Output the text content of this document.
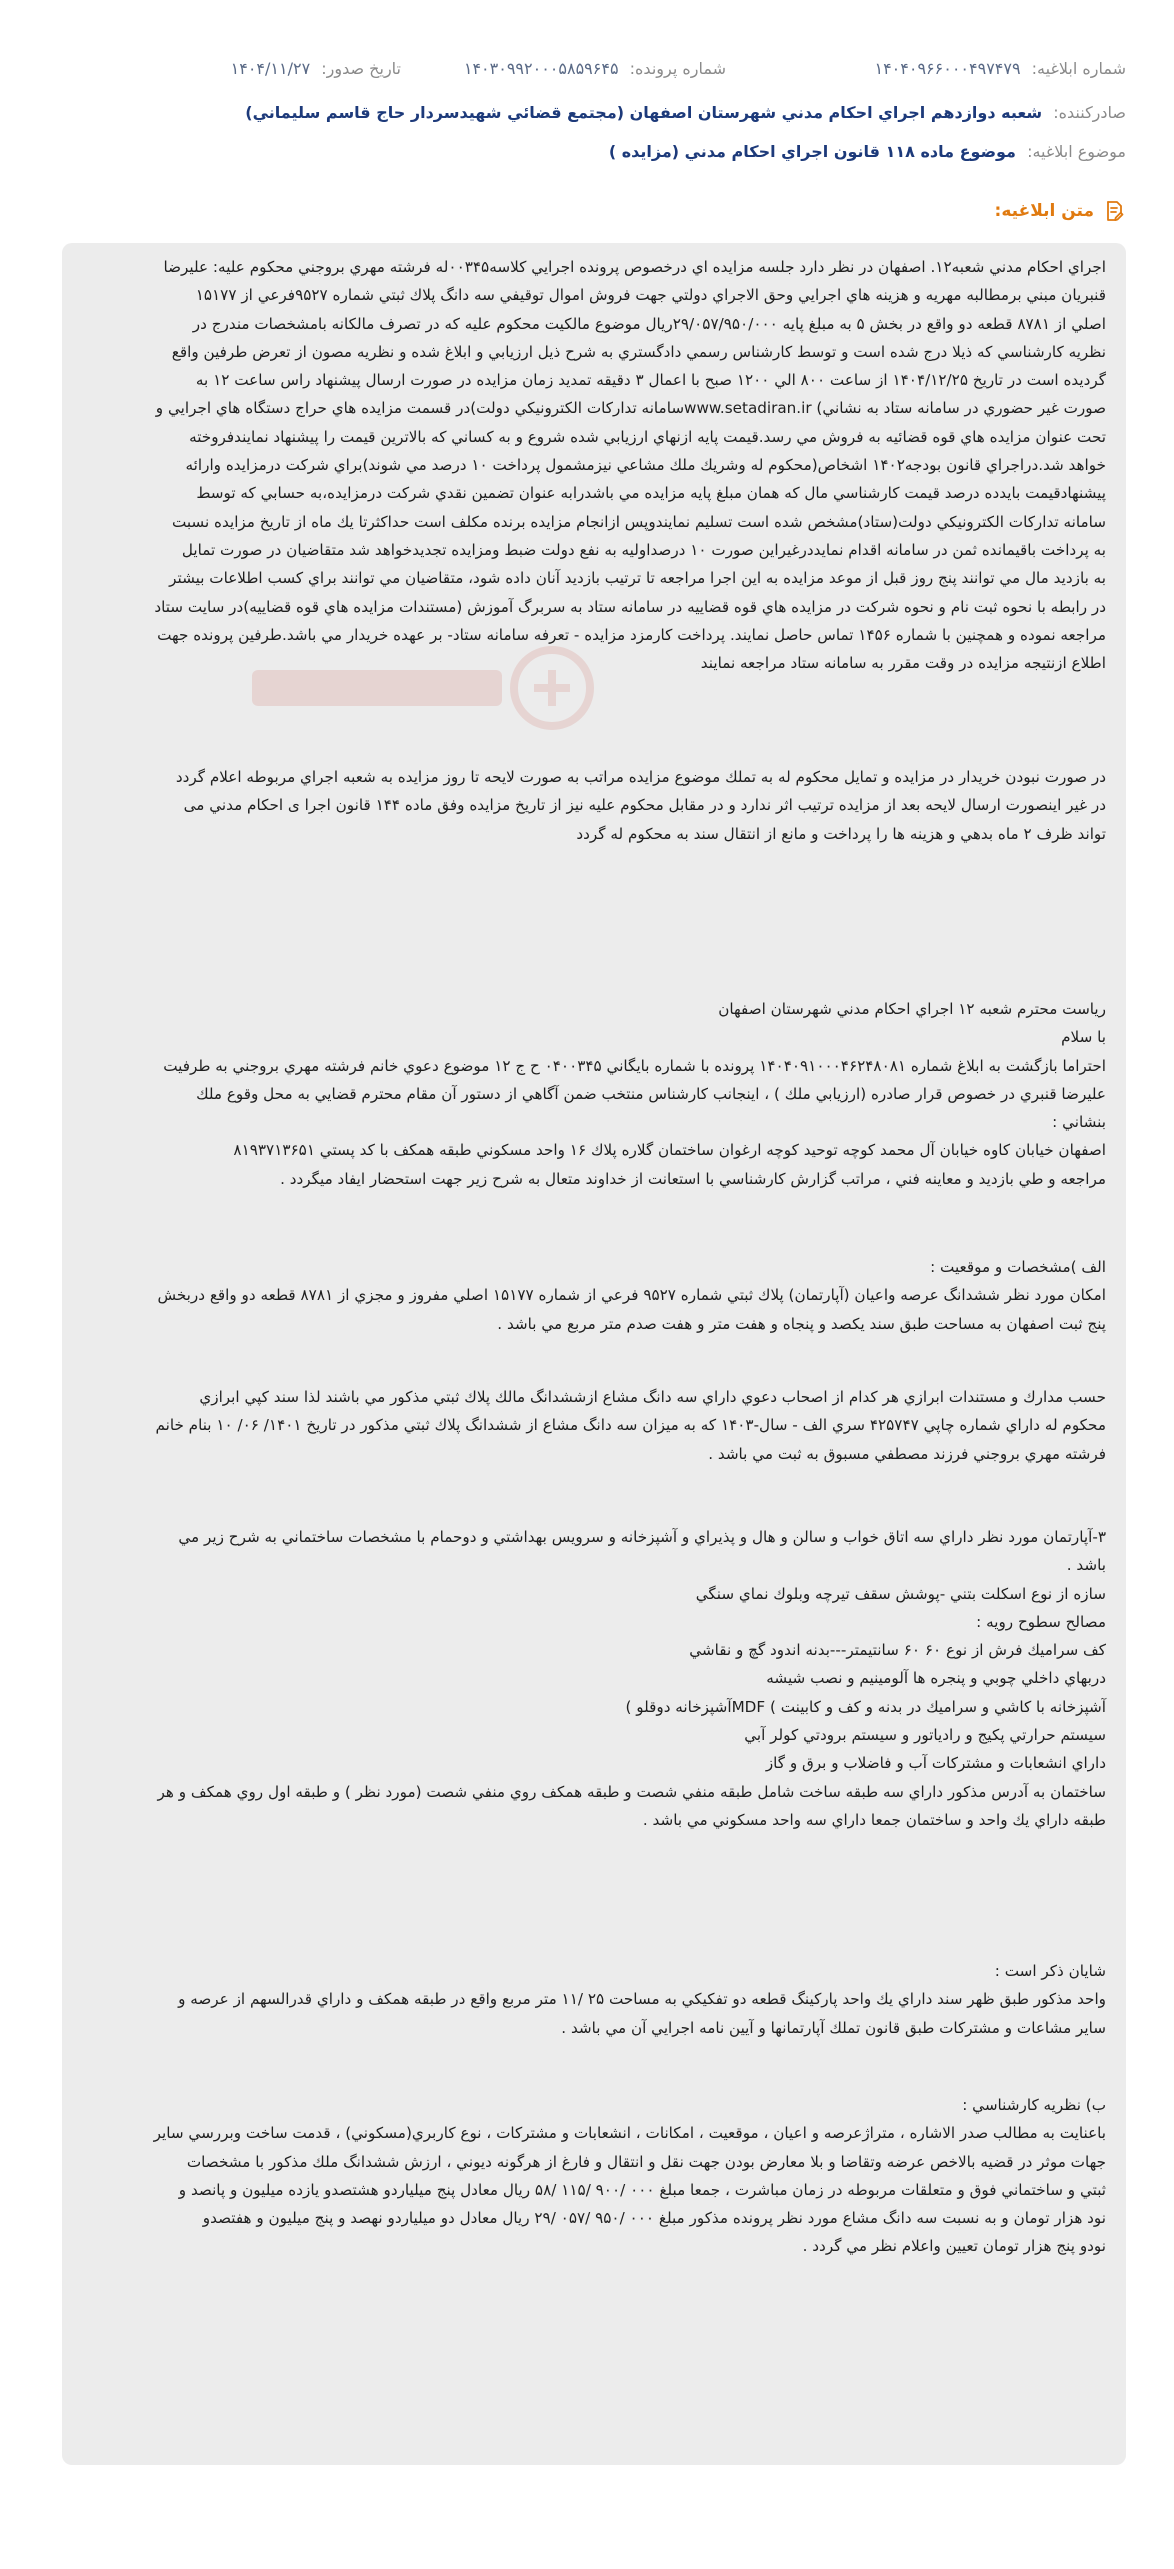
شماره ابلاغیه: ۱۴۰۴۰۹۶۶۰۰۰۴۹۷۴۷۹
شماره پرونده: ۱۴۰۳۰۹۹۲۰۰۰۵۸۵۹۶۴۵
تاریخ صدور: ۱۴۰۴/۱۱/۲۷
صادرکننده: شعبه دوازدهم اجراي احكام مدني شهرستان اصفهان (مجتمع قضائي شهيدسردار حاج قاسم سليماني)
موضوع ابلاغیه: موضوع ماده ۱۱۸ قانون اجراي احكام مدني (مزايده )
متن ابلاغیه:
اجراي احكام مدني شعبه۱۲. اصفهان در نظر دارد جلسه مزايده اي درخصوص پرونده اجرايي كلاسه۰۰۳۴۵له فرشته مهري بروجني محكوم عليه: عليرضا
قنبريان مبني برمطالبه مهريه و هزينه هاي اجرايي وحق الاجراي دولتي جهت فروش اموال توقيفي سه دانگ پلاك ثبتي شماره ۹۵۲۷فرعي از ۱۵۱۷۷
اصلي از ۸۷۸۱ قطعه دو واقع در بخش ۵ به مبلغ پايه ۲۹/۰۵۷/۹۵۰/۰۰۰ريال موضوع مالكيت محكوم عليه كه در تصرف مالكانه بامشخصات مندرج در
نظريه كارشناسي كه ذيلا درج شده است و توسط كارشناس رسمي دادگستري به شرح ذيل ارزيابي و ابلاغ شده و نظريه مصون از تعرض طرفين واقع
گرديده است در تاريخ ۱۴۰۴/۱۲/۲۵ از ساعت ۸۰۰ الي ۱۲۰۰ صبح با اعمال ۳ دقيقه تمديد زمان مزايده در صورت ارسال پيشنهاد راس ساعت ۱۲ به
صورت غير حضوري در سامانه ستاد به نشاني) www.setadiran.irسامانه تداركات الكترونيكي دولت)در قسمت مزايده هاي حراج دستگاه هاي اجرايي و
تحت عنوان مزايده هاي قوه قضائيه به فروش مي رسد.قيمت پايه ازنهاي ارزيابي شده شروع و به كساني كه بالاترين قيمت را پيشنهاد نمايندفروخته
خواهد شد.دراجراي قانون بودجه۱۴۰۲ اشخاص(محكوم له وشريك ملك مشاعي نيزمشمول پرداخت ۱۰ درصد مي شوند)براي شركت درمزايده وارائه
پيشنهادقيمت بايدده درصد قيمت كارشناسي مال كه همان مبلغ پايه مزايده مي باشدرابه عنوان تضمين نقدي شركت درمزايده،به حسابي كه توسط
سامانه تداركات الكترونيكي دولت(ستاد)مشخص شده است تسليم نمايندوپس ازانجام مزايده برنده مكلف است حداكثرتا يك ماه از تاريخ مزايده نسبت
به پرداخت باقيمانده ثمن در سامانه اقدام نمايددرغيراين صورت ۱۰ درصداوليه به نفع دولت ضبط ومزايده تجديدخواهد شد متقاضيان در صورت تمايل
به بازديد مال مي توانند پنج روز قبل از موعد مزايده به اين اجرا مراجعه تا ترتيب بازديد آنان داده شود، متقاضيان مي توانند براي كسب اطلاعات بيشتر
در رابطه با نحوه ثبت نام و نحوه شركت در مزايده هاي قوه قضاييه در سامانه ستاد به سربرگ آموزش (مستندات مزايده هاي قوه قضاييه)در سايت ستاد
مراجعه نموده و همچنين با شماره ۱۴۵۶ تماس حاصل نمايند. پرداخت كارمزد مزايده - تعرفه سامانه ستاد- بر عهده خريدار مي باشد.طرفين پرونده جهت
اطلاع ازنتيجه مزايده در وقت مقرر به سامانه ستاد مراجعه نمايند
در صورت نبودن خريدار در مزايده و تمايل محكوم له به تملك موضوع مزايده مراتب به صورت لايحه تا روز مزايده به شعبه اجراي مربوطه اعلام گردد
در غير اينصورت ارسال لايحه بعد از مزايده ترتيب اثر ندارد و در مقابل محكوم عليه نيز از تاريخ مزايده وفق ماده ۱۴۴ قانون اجرا ى احكام مدني مى
تواند ظرف ۲ ماه بدهي و هزينه ها را پرداخت و مانع از انتقال سند به محكوم له گردد
رياست محترم شعبه ۱۲ اجراي احكام مدني شهرستان اصفهان
با سلام
احتراما بازگشت به ابلاغ شماره ۱۴۰۴۰۹۱۰۰۰۴۶۲۴۸۰۸۱ پرونده با شماره بايگاني ۰۴۰۰۳۴۵ ح ج ۱۲ موضوع دعوي خانم فرشته مهري بروجني به طرفيت
عليرضا قنبري در خصوص قرار صادره (ارزيابي ملك ) ، اينجانب كارشناس منتخب ضمن آگاهي از دستور آن مقام محترم قضايي به محل وقوع ملك
بنشاني :
اصفهان خيابان كاوه خيابان آل محمد كوچه توحيد كوچه ارغوان ساختمان گلاره پلاك ۱۶ واحد مسكوني طبقه همكف با كد پستي ۸۱۹۳۷۱۳۶۵۱
مراجعه و طي بازديد و معاينه فني ، مراتب گزارش كارشناسي با استعانت از خداوند متعال به شرح زير جهت استحضار ايفاد ميگردد .
الف )مشخصات و موقعيت :
امكان مورد نظر ششدانگ عرصه واعيان (آپارتمان) پلاك ثبتي شماره ۹۵۲۷ فرعي از شماره ۱۵۱۷۷ اصلي مفروز و مجزي از ۸۷۸۱ قطعه دو واقع دربخش
پنج ثبت اصفهان به مساحت طبق سند يكصد و پنجاه و هفت متر و هفت صدم متر مربع مي باشد .
حسب مدارك و مستندات ابرازي هر كدام از اصحاب دعوي داراي سه دانگ مشاع ازششدانگ مالك پلاك ثبتي مذكور مي باشند لذا سند كپي ابرازي
محكوم له داراي شماره چاپي ۴۲۵۷۴۷ سري الف - سال-۱۴۰۳ كه به ميزان سه دانگ مشاع از ششدانگ پلاك ثبتي مذكور در تاريخ ۱۴۰۱/ ۰۶/ ۱۰ بنام خانم
فرشته مهري بروجني فرزند مصطفي مسبوق به ثبت مي باشد .
۳-آپارتمان مورد نظر داراي سه اتاق خواب و سالن و هال و پذيراي و آشپزخانه و سرويس بهداشتي و دوحمام با مشخصات ساختماني به شرح زير مي
باشد .
سازه از نوع اسكلت بتني -پوشش سقف تيرچه وبلوك نماي سنگي
مصالح سطوح رويه :
كف سراميك فرش از نوع ۶۰ ۶۰ سانتيمتر---بدنه اندود گچ و نقاشي
دربهاي داخلي چوبي و پنجره ها آلومينيم و نصب شيشه
آشپزخانه با كاشي و سراميك در بدنه و كف و كابينت ) MDFآشپزخانه دوقلو )
سيستم حرارتي پكيج و رادياتور و سيستم برودتي كولر آبي
داراي انشعابات و مشتركات آب و فاضلاب و برق و گاز
ساختمان به آدرس مذكور داراي سه طبقه ساخت شامل طبقه منفي شصت و طبقه همكف روي منفي شصت (مورد نظر ) و طبقه اول روي همكف و هر
طبقه داراي يك واحد و ساختمان جمعا داراي سه واحد مسكوني مي باشد .
شايان ذكر است :
واحد مذكور طبق ظهر سند داراي يك واحد پاركينگ قطعه دو تفكيكي به مساحت ۲۵ /۱۱ متر مربع واقع در طبقه همكف و داراي قدرالسهم از عرصه و
ساير مشاعات و مشتركات طبق قانون تملك آپارتمانها و آيين نامه اجرايي آن مي باشد .
ب) نظريه كارشناسي :
باعنايت به مطالب صدر الاشاره ، متراژعرصه و اعيان ، موقعيت ، امكانات ، انشعابات و مشتركات ، نوع كاربري(مسكوني) ، قدمت ساخت وبررسي ساير
جهات موثر در قضيه بالاخص عرضه وتقاضا و بلا معارض بودن جهت نقل و انتقال و فارغ از هرگونه ديوني ، ارزش ششدانگ ملك مذكور با مشخصات
ثبتي و ساختماني فوق و متعلقات مربوطه در زمان مباشرت ، جمعا مبلغ ۰۰۰ /۹۰۰ /۱۱۵ /۵۸ ريال معادل پنج ميلياردو هشتصدو يازده ميليون و پانصد و
نود هزار تومان و به نسبت سه دانگ مشاع مورد نظر پرونده مذكور مبلغ ۰۰۰ /۹۵۰ /۰۵۷ /۲۹ ريال معادل دو ميلياردو نهصد و پنج ميليون و هفتصدو
نودو پنج هزار تومان تعيين واعلام نظر مي گردد .
